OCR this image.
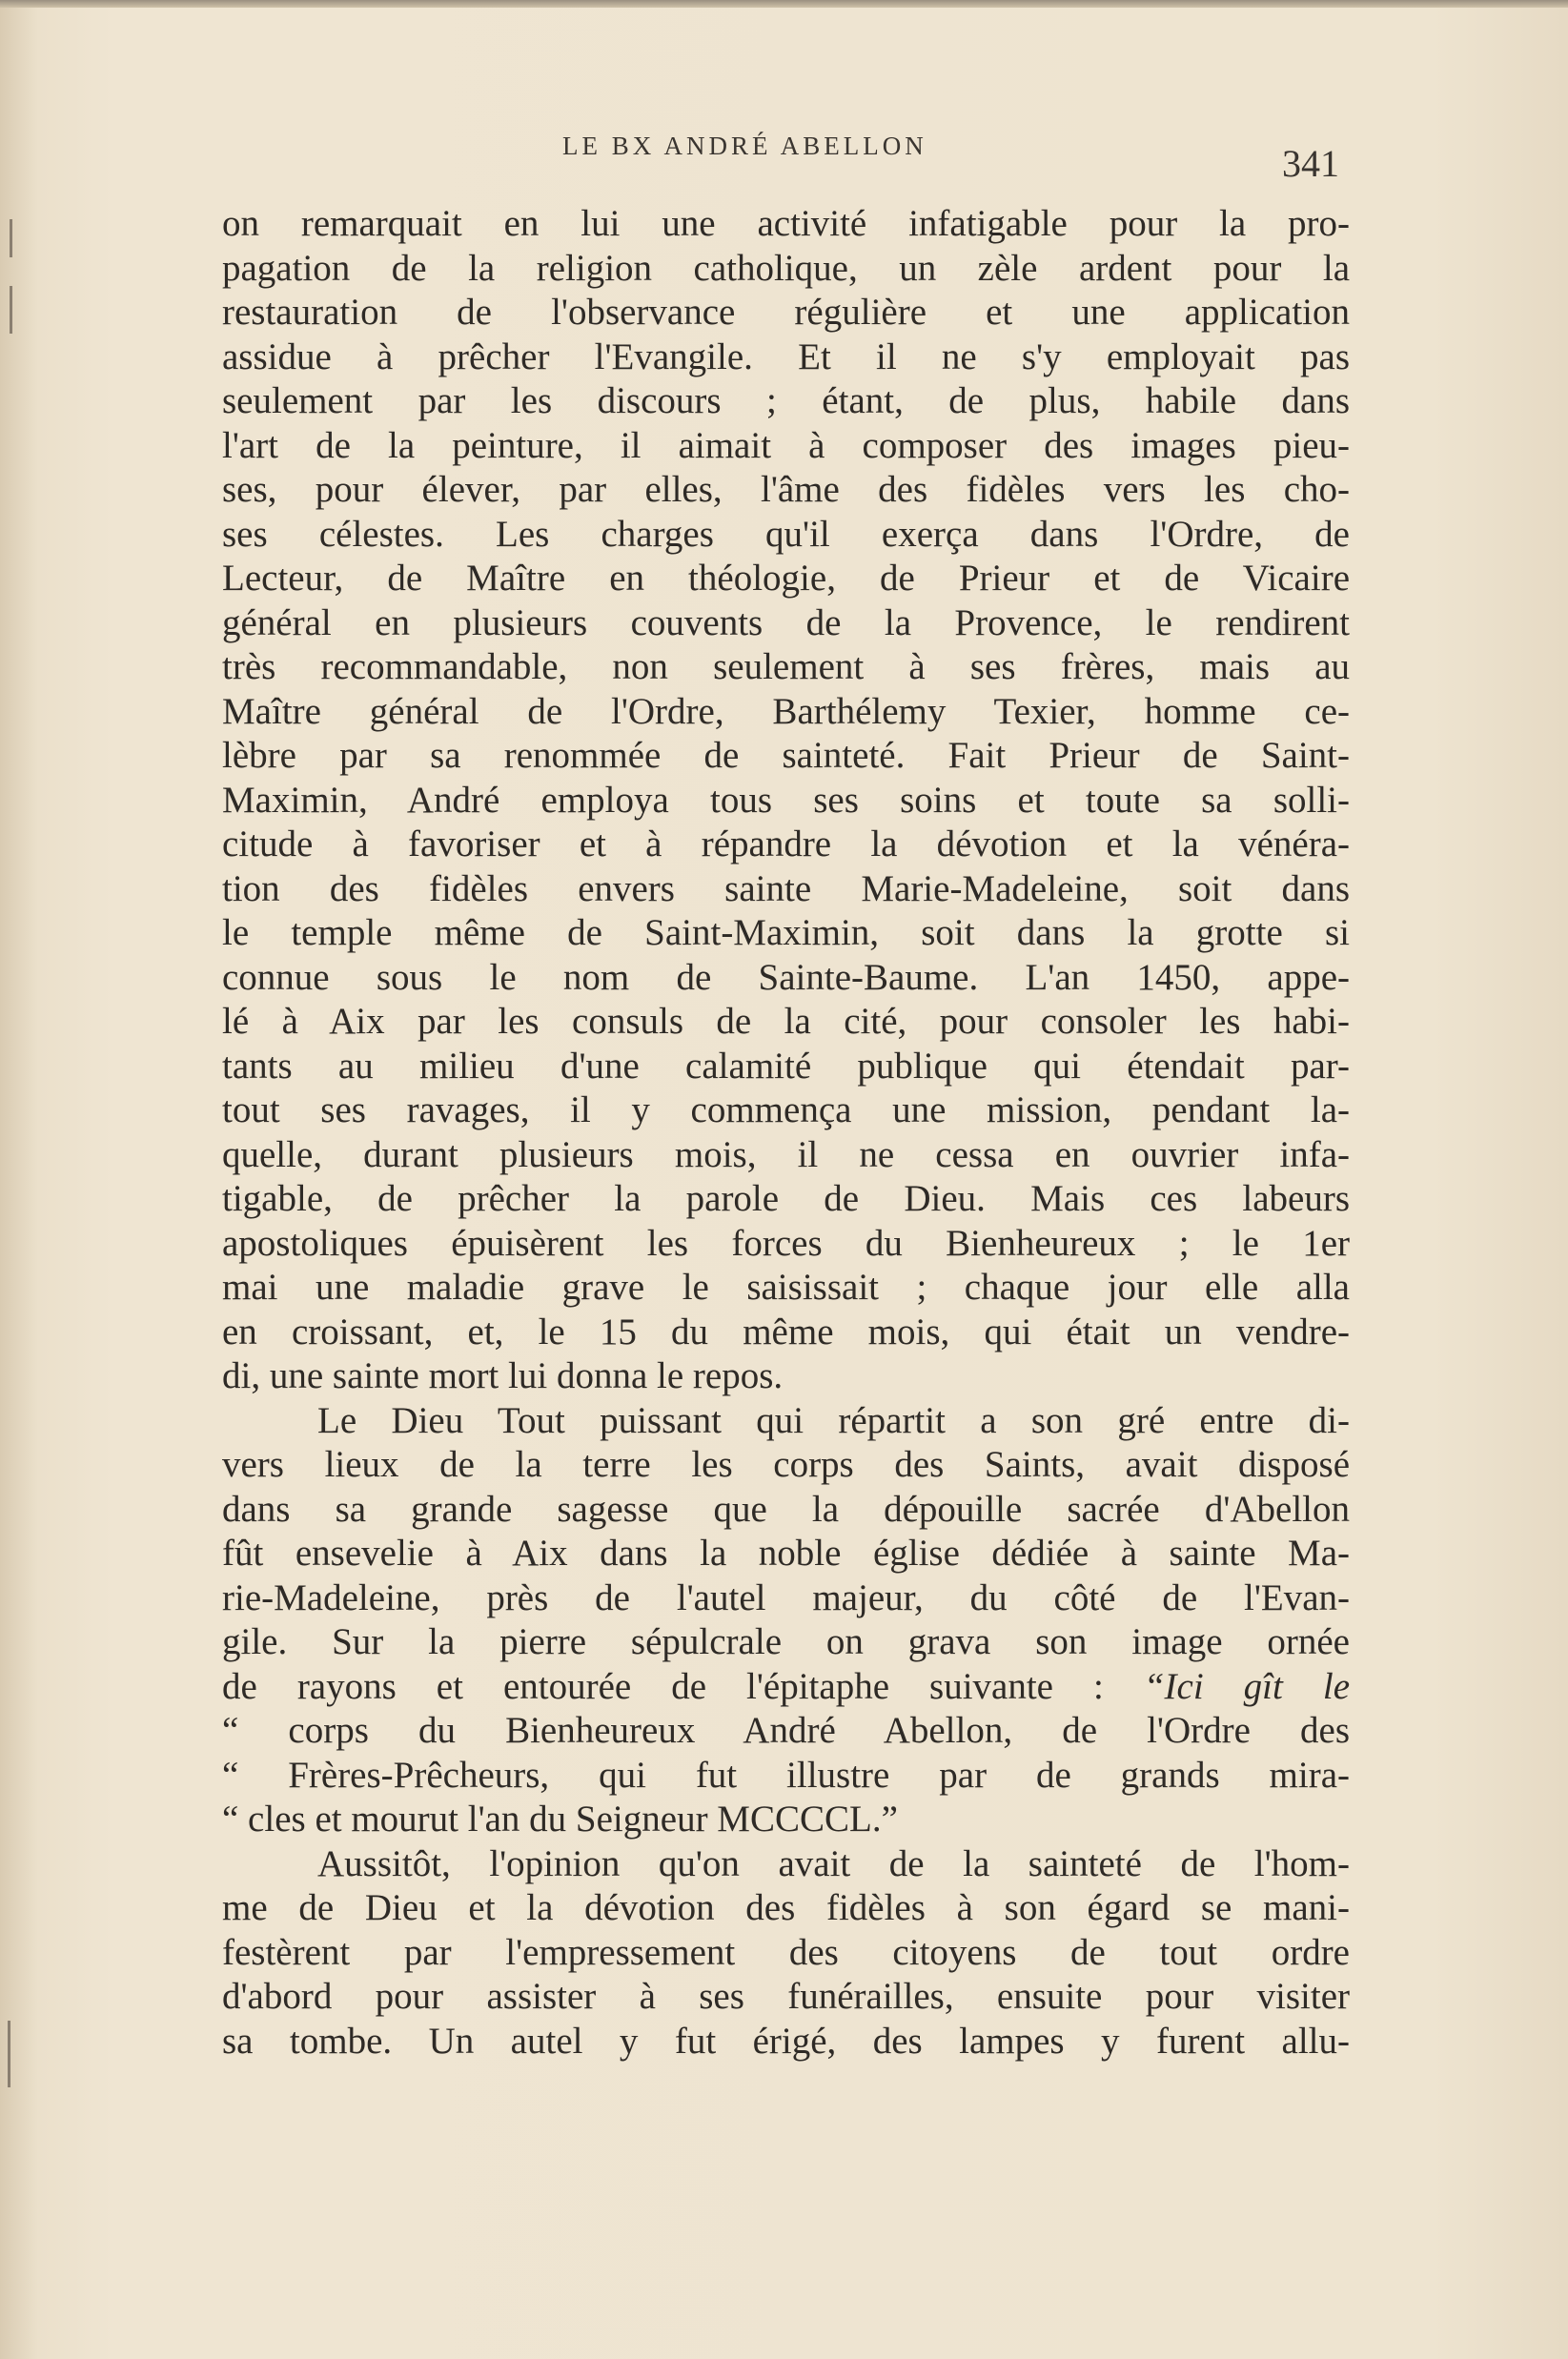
LE BX ANDRÉ ABELLON	341
on remarquait en lui une activité infatigable pour la pro-
pagation de la religion catholique, un zèle ardent pour la
restauration de l'observance régulière et une application
assidue à prêcher l'Evangile. Et il ne s'y employait pas
seulement par les discours ; étant, de plus, habile dans
l'art de la peinture, il aimait à composer des images pieu-
ses, pour élever, par elles, l'âme des fidèles vers les cho-
ses célestes. Les charges qu'il exerça dans l'Ordre, de
Lecteur, de Maître en théologie, de Prieur et de Vicaire
général en plusieurs couvents de la Provence, le rendirent
très recommandable, non seulement à ses frères, mais au
Maître général de l'Ordre, Barthélemy Texier, homme ce-
lèbre par sa renommée de sainteté. Fait Prieur de Saint-
Maximin, André employa tous ses soins et toute sa solli-
citude à favoriser et à répandre la dévotion et la vénéra-
tion des fidèles envers sainte Marie-Madeleine, soit dans
le temple même de Saint-Maximin, soit dans la grotte si
connue sous le nom de Sainte-Baume. L'an 1450, appe-
lé à Aix par les consuls de la cité, pour consoler les habi-
tants au milieu d'une calamité publique qui étendait par-
tout ses ravages, il y commença une mission, pendant la-
quelle, durant plusieurs mois, il ne cessa en ouvrier infa-
tigable, de prêcher la parole de Dieu. Mais ces labeurs
apostoliques épuisèrent les forces du Bienheureux ; le 1er
mai une maladie grave le saisissait ; chaque jour elle alla
en croissant, et, le 15 du même mois, qui était un vendre-
di, une sainte mort lui donna le repos.
Le Dieu Tout puissant qui répartit a son gré entre di-
vers lieux de la terre les corps des Saints, avait disposé
dans sa grande sagesse que la dépouille sacrée d'Abellon
fût ensevelie à Aix dans la noble église dédiée à sainte Ma-
rie-Madeleine, près de l'autel majeur, du côté de l'Evan-
gile. Sur la pierre sépulcrale on grava son image ornée
de rayons et entourée de l'épitaphe suivante : “Ici gît le
“ corps du Bienheureux André Abellon, de l'Ordre des
“ Frères-Prêcheurs, qui fut illustre par de grands mira-
“ cles et mourut l'an du Seigneur MCCCCL.”
Aussitôt, l'opinion qu'on avait de la sainteté de l'hom-
me de Dieu et la dévotion des fidèles à son égard se mani-
festèrent par l'empressement des citoyens de tout ordre
d'abord pour assister à ses funérailles, ensuite pour visiter
sa tombe. Un autel y fut érigé, des lampes y furent allu-
